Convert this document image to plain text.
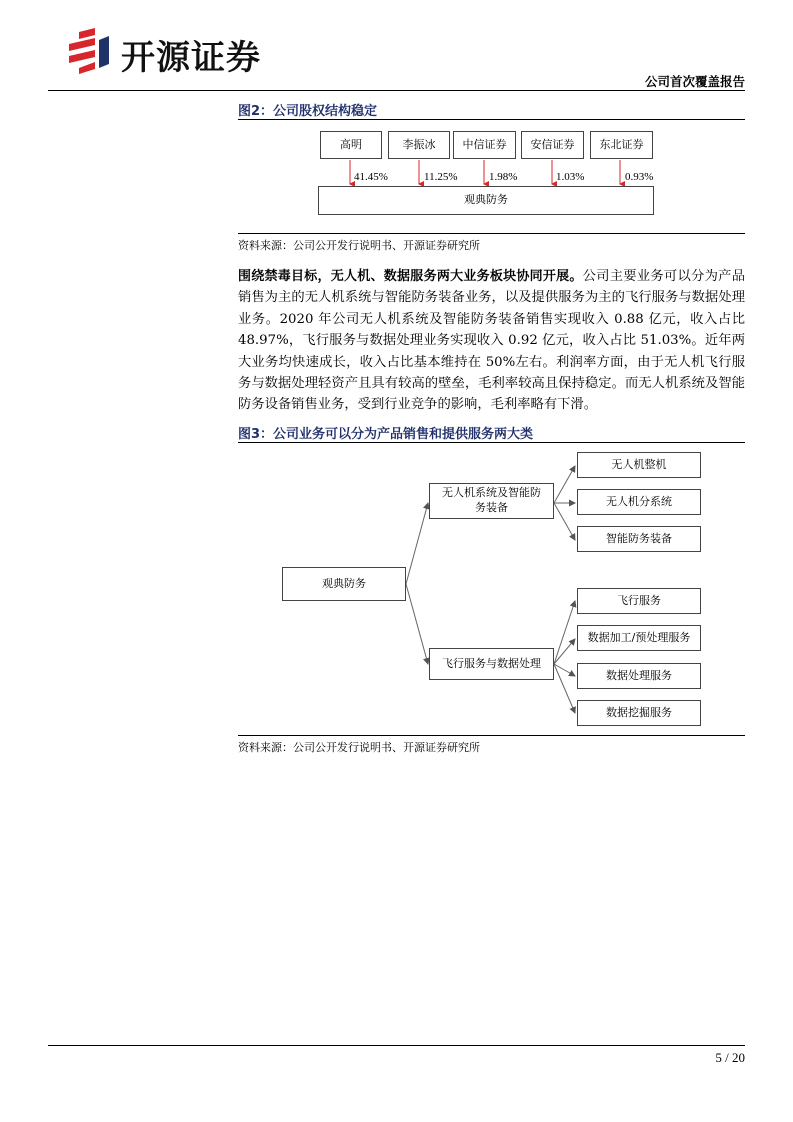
开源证券
公司首次覆盖报告
图2：公司股权结构稳定
高明	李振冰	中信证券	安信证券	东北证券
41.45%	11.25%	1.98%	1.03%	0.93%
观典防务
资料来源：公司公开发行说明书、开源证券研究所
围绕禁毒目标，无人机、数据服务两大业务板块协同开展。公司主要业务可以分为产品销售为主的无人机系统与智能防务装备业务，以及提供服务为主的飞行服务与数据处理业务。2020 年公司无人机系统及智能防务装备销售实现收入 0.88 亿元，收入占比 48.97%，飞行服务与数据处理业务实现收入 0.92 亿元，收入占比 51.03%。近年两大业务均快速成长，收入占比基本维持在 50%左右。利润率方面，由于无人机飞行服务与数据处理轻资产且具有较高的壁垒，毛利率较高且保持稳定。而无人机系统及智能防务设备销售业务，受到行业竞争的影响，毛利率略有下滑。
图3：公司业务可以分为产品销售和提供服务两大类
观典防务
无人机系统及智能防务装备
飞行服务与数据处理
无人机整机
无人机分系统
智能防务装备
飞行服务
数据加工/预处理服务
数据处理服务
数据挖掘服务
资料来源：公司公开发行说明书、开源证券研究所
5 / 20
